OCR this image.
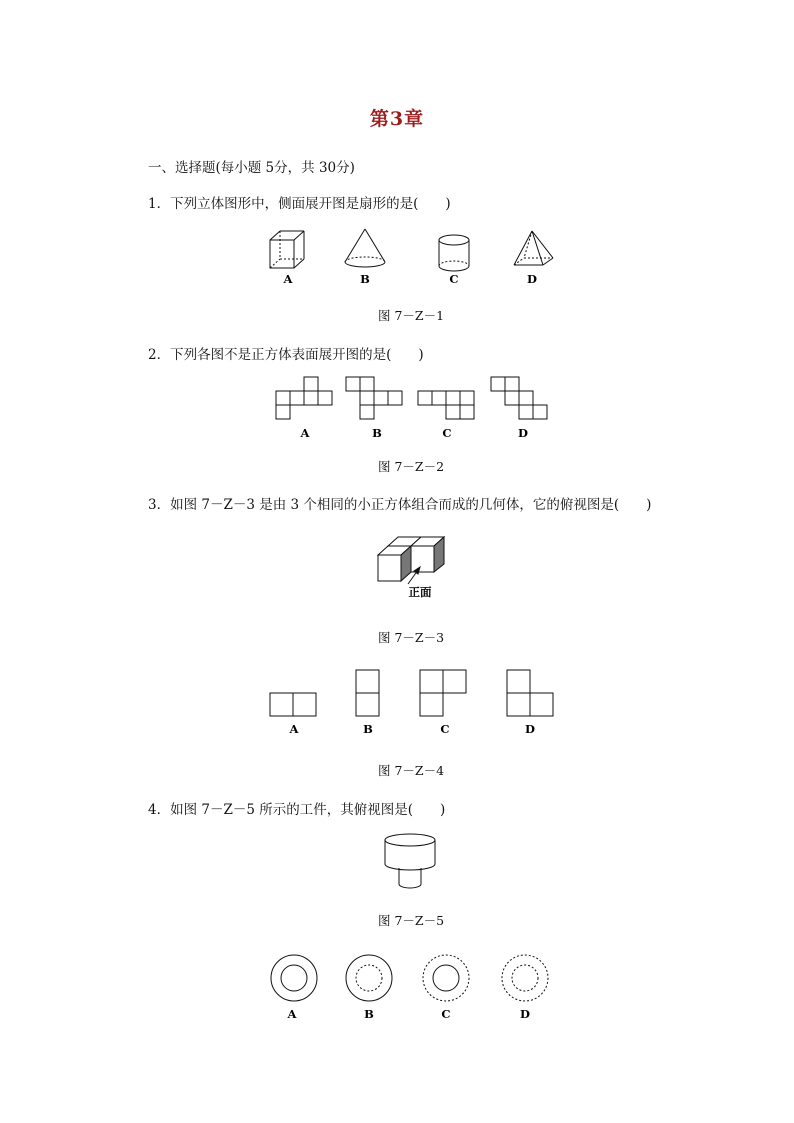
第3章
一、选择题(每小题 5分，共 30分)
1．下列立体图形中，侧面展开图是扇形的是(　　)
A	B	C	D
图 7－Z－1
2．下列各图不是正方体表面展开图的是(　　)
A	B	C	D
图 7－Z－2
3．如图 7－Z－3 是由 3 个相同的小正方体组合而成的几何体，它的俯视图是(　　)
正面
图 7－Z－3
A	B	C	D
图 7－Z－4
4．如图 7－Z－5 所示的工件，其俯视图是(　　)
图 7－Z－5
A	B	C	D
